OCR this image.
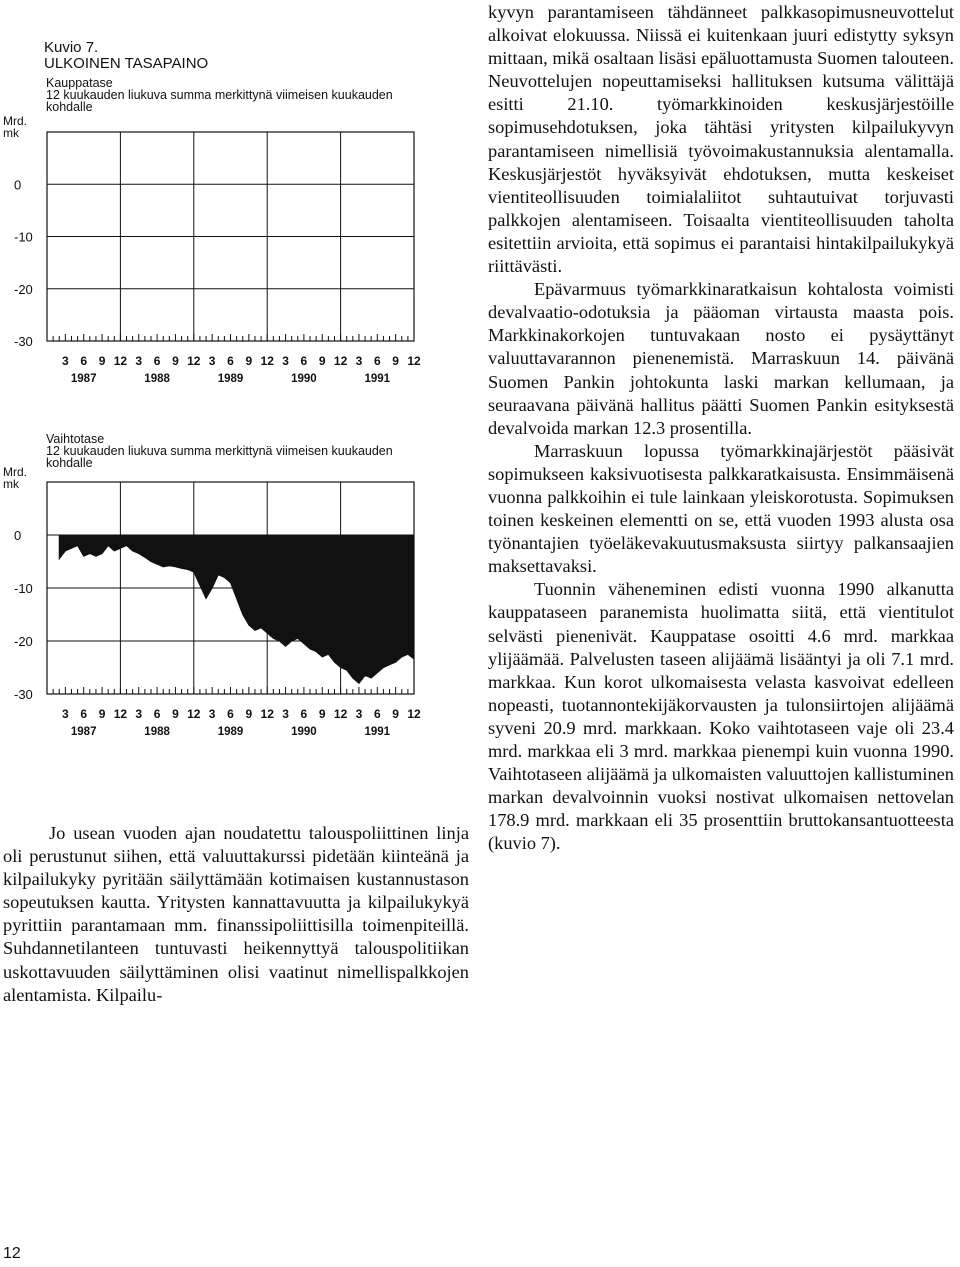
Kuvio 7.
ULKOINEN TASAPAINO
Kauppatase
12 kuukauden liukuva summa merkittynä viimeisen kuukauden kohdalle
Mrd. mk
0
-10
-20
-30
3 6 9 12 3 6 9 12 3 6 9 12 3 6 9 12 3 6 9 12
1987	1988	1989	1990	1991
Vaihtotase
12 kuukauden liukuva summa merkittynä viimeisen kuukauden kohdalle
Mrd. mk
0
-10
-20
-30
3 6 9 12 3 6 9 12 3 6 9 12 3 6 9 12 3 6 9 12
1987	1988	1989	1990	1991

Jo usean vuoden ajan noudatettu talouspoliittinen linja oli perustunut siihen, että valuuttakurssi pidetään kiinteänä ja kilpailukyky pyritään säilyttämään kotimaisen kustannustason sopeutuksen kautta. Yritysten kannattavuutta ja kilpailukykyä pyrittiin parantamaan mm. finanssipoliittisilla toimenpiteillä. Suhdannetilanteen tuntuvasti heikennyttyä talouspolitiikan uskottavuuden säilyttäminen olisi vaatinut nimellispalkkojen alentamista. Kilpailu-

kyvyn parantamiseen tähdänneet palkkasopimusneuvottelut alkoivat elokuussa. Niissä ei kuitenkaan juuri edistytty syksyn mittaan, mikä osaltaan lisäsi epäluottamusta Suomen talouteen. Neuvottelujen nopeuttamiseksi hallituksen kutsuma välittäjä esitti 21.10. työmarkkinoiden keskusjärjestöille sopimusehdotuksen, joka tähtäsi yritysten kilpailukyvyn parantamiseen nimellisiä työvoimakustannuksia alentamalla. Keskusjärjestöt hyväksyivät ehdotuksen, mutta keskeiset vientiteollisuuden toimialaliitot suhtautuivat torjuvasti palkkojen alentamiseen. Toisaalta vientiteollisuuden taholta esitettiin arvioita, että sopimus ei parantaisi hintakilpailukykyä riittävästi.

Epävarmuus työmarkkinaratkaisun kohtalosta voimisti devalvaatio-odotuksia ja pääoman virtausta maasta pois. Markkinakorkojen tuntuvakaan nosto ei pysäyttänyt valuuttavarannon pienenemistä. Marraskuun 14. päivänä Suomen Pankin johtokunta laski markan kellumaan, ja seuraavana päivänä hallitus päätti Suomen Pankin esityksestä devalvoida markan 12.3 prosentilla.

Marraskuun lopussa työmarkkinajärjestöt pääsivät sopimukseen kaksivuotisesta palkkaratkaisusta. Ensimmäisenä vuonna palkkoihin ei tule lainkaan yleiskorotusta. Sopimuksen toinen keskeinen elementti on se, että vuoden 1993 alusta osa työnantajien työeläkevakuutusmaksusta siirtyy palkansaajien maksettavaksi.

Tuonnin väheneminen edisti vuonna 1990 alkanutta kauppataseen paranemista huolimatta siitä, että vientitulot selvästi pienenivät. Kauppatase osoitti 4.6 mrd. markkaa ylijäämää. Palvelusten taseen alijäämä lisääntyi ja oli 7.1 mrd. markkaa. Kun korot ulkomaisesta velasta kasvoivat edelleen nopeasti, tuotannontekijäkorvausten ja tulonsiirtojen alijäämä syveni 20.9 mrd. markkaan. Koko vaihtotaseen vaje oli 23.4 mrd. markkaa eli 3 mrd. markkaa pienempi kuin vuonna 1990. Vaihtotaseen alijäämä ja ulkomaisten valuuttojen kallistuminen markan devalvoinnin vuoksi nostivat ulkomaisen nettovelan 178.9 mrd. markkaan eli 35 prosenttiin bruttokansantuotteesta (kuvio 7).

12
